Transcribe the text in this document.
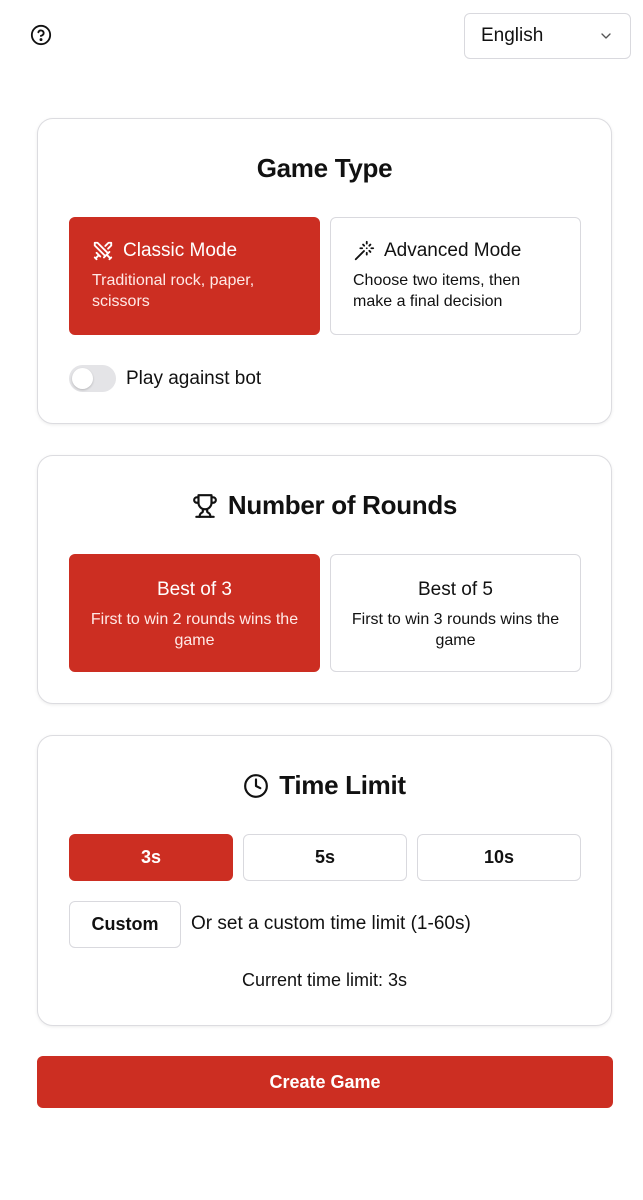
English
Game Type
Classic Mode
Traditional rock, paper, scissors
Advanced Mode
Choose two items, then make a final decision
Play against bot
Number of Rounds
Best of 3
First to win 2 rounds wins the game
Best of 5
First to win 3 rounds wins the game
Time Limit
3s	5s	10s
Custom	Or set a custom time limit (1-60s)
Current time limit: 3s
Create Game
